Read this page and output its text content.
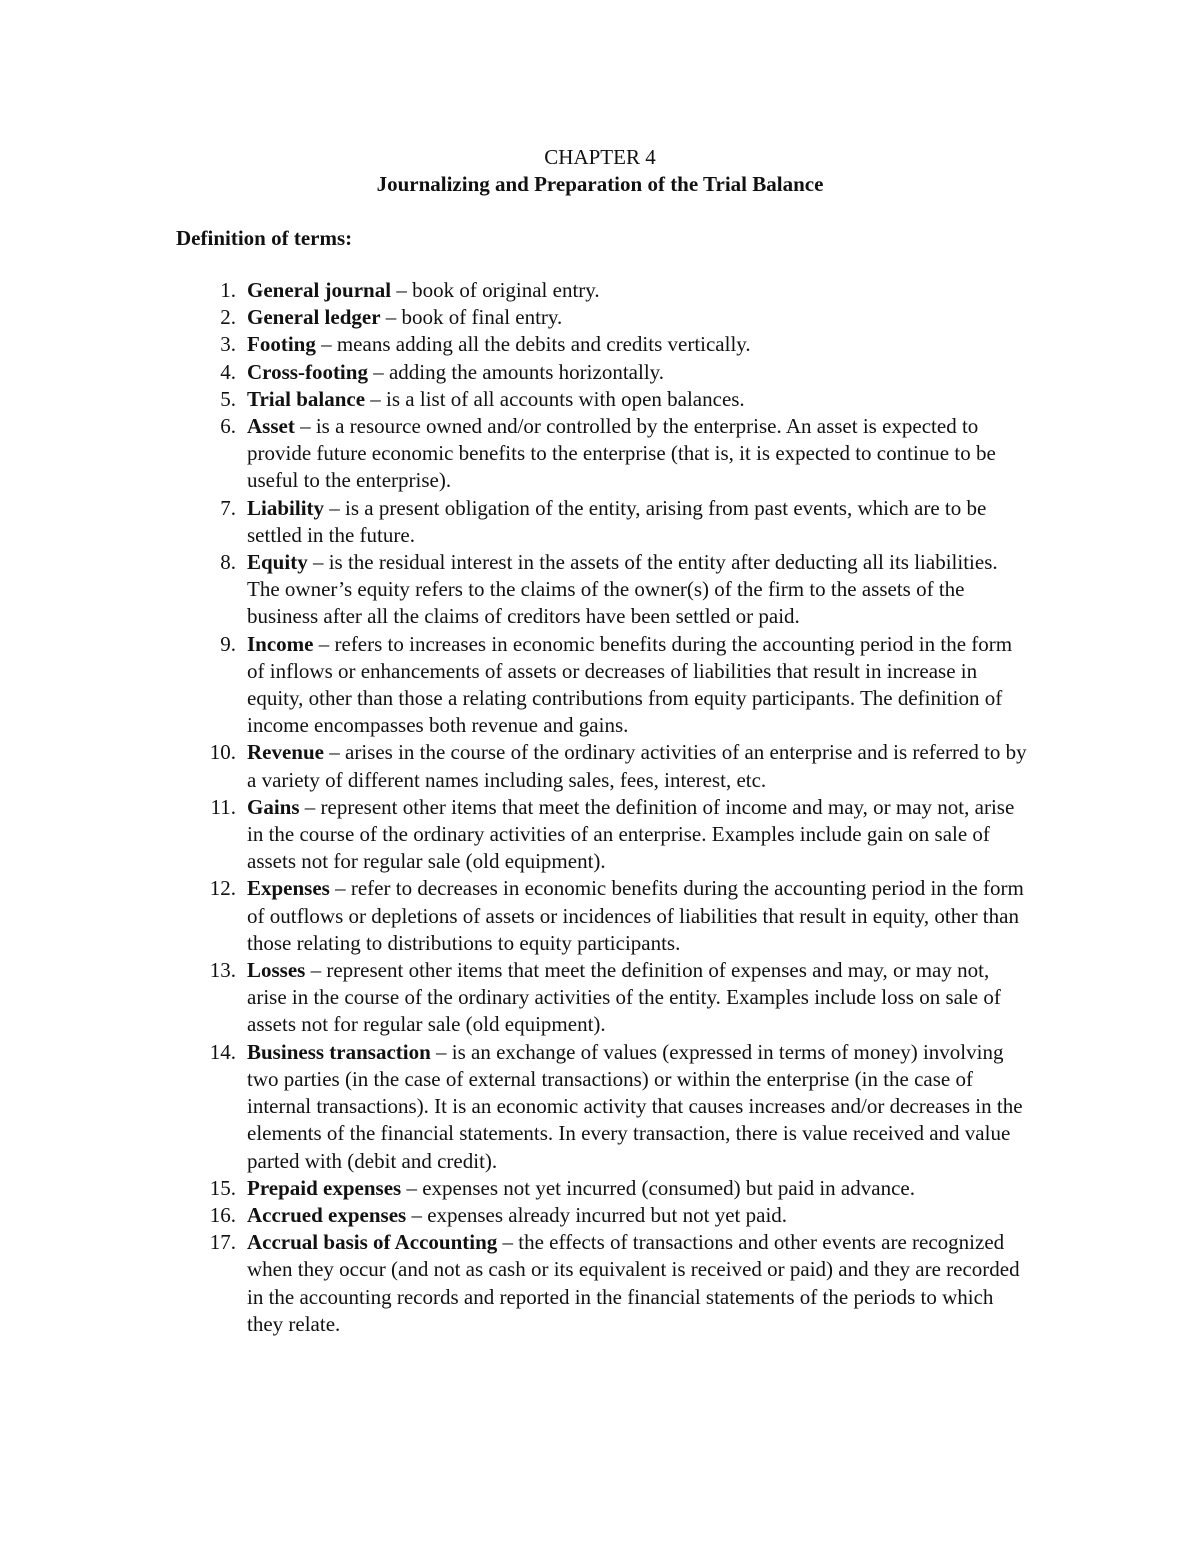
CHAPTER 4
Journalizing and Preparation of the Trial Balance
Definition of terms:
1. General journal – book of original entry.
2. General ledger – book of final entry.
3. Footing – means adding all the debits and credits vertically.
4. Cross-footing – adding the amounts horizontally.
5. Trial balance – is a list of all accounts with open balances.
6. Asset – is a resource owned and/or controlled by the enterprise. An asset is expected to provide future economic benefits to the enterprise (that is, it is expected to continue to be useful to the enterprise).
7. Liability – is a present obligation of the entity, arising from past events, which are to be settled in the future.
8. Equity – is the residual interest in the assets of the entity after deducting all its liabilities. The owner’s equity refers to the claims of the owner(s) of the firm to the assets of the business after all the claims of creditors have been settled or paid.
9. Income – refers to increases in economic benefits during the accounting period in the form of inflows or enhancements of assets or decreases of liabilities that result in increase in equity, other than those a relating contributions from equity participants. The definition of income encompasses both revenue and gains.
10. Revenue – arises in the course of the ordinary activities of an enterprise and is referred to by a variety of different names including sales, fees, interest, etc.
11. Gains – represent other items that meet the definition of income and may, or may not, arise in the course of the ordinary activities of an enterprise. Examples include gain on sale of assets not for regular sale (old equipment).
12. Expenses – refer to decreases in economic benefits during the accounting period in the form of outflows or depletions of assets or incidences of liabilities that result in equity, other than those relating to distributions to equity participants.
13. Losses – represent other items that meet the definition of expenses and may, or may not, arise in the course of the ordinary activities of the entity. Examples include loss on sale of assets not for regular sale (old equipment).
14. Business transaction – is an exchange of values (expressed in terms of money) involving two parties (in the case of external transactions) or within the enterprise (in the case of internal transactions). It is an economic activity that causes increases and/or decreases in the elements of the financial statements. In every transaction, there is value received and value parted with (debit and credit).
15. Prepaid expenses – expenses not yet incurred (consumed) but paid in advance.
16. Accrued expenses – expenses already incurred but not yet paid.
17. Accrual basis of Accounting – the effects of transactions and other events are recognized when they occur (and not as cash or its equivalent is received or paid) and they are recorded in the accounting records and reported in the financial statements of the periods to which they relate.
